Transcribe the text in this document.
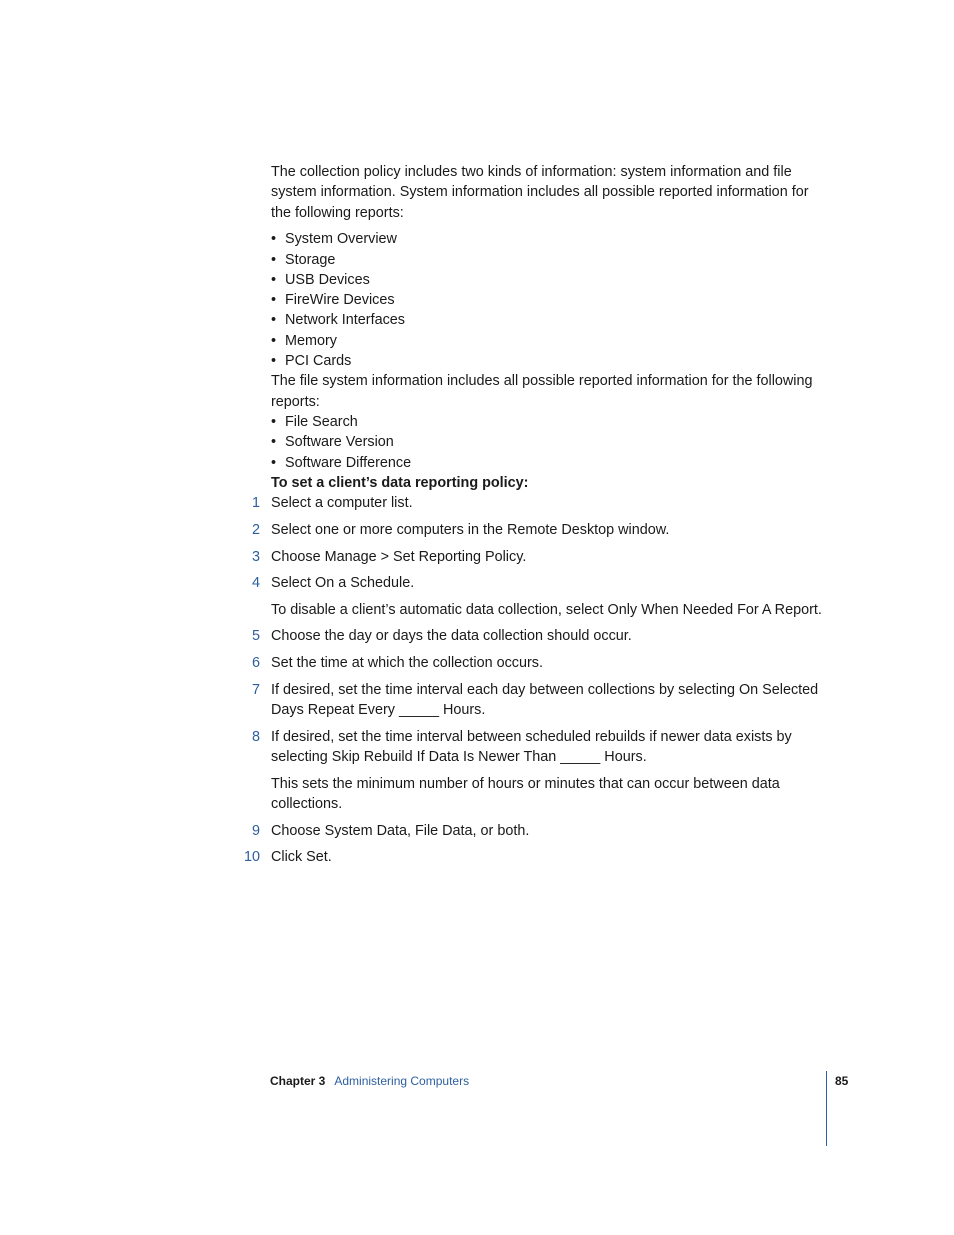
The collection policy includes two kinds of information: system information and file system information. System information includes all possible reported information for the following reports:

• System Overview
• Storage
• USB Devices
• FireWire Devices
• Network Interfaces
• Memory
• PCI Cards

The file system information includes all possible reported information for the following reports:

• File Search
• Software Version
• Software Difference

To set a client’s data reporting policy:

1 Select a computer list.
2 Select one or more computers in the Remote Desktop window.
3 Choose Manage > Set Reporting Policy.
4 Select On a Schedule.

To disable a client’s automatic data collection, select Only When Needed For A Report.

5 Choose the day or days the data collection should occur.
6 Set the time at which the collection occurs.
7 If desired, set the time interval each day between collections by selecting On Selected Days Repeat Every _____ Hours.
8 If desired, set the time interval between scheduled rebuilds if newer data exists by selecting Skip Rebuild If Data Is Newer Than _____ Hours.

This sets the minimum number of hours or minutes that can occur between data collections.

9 Choose System Data, File Data, or both.
10 Click Set.
Chapter 3 Administering Computers	85
